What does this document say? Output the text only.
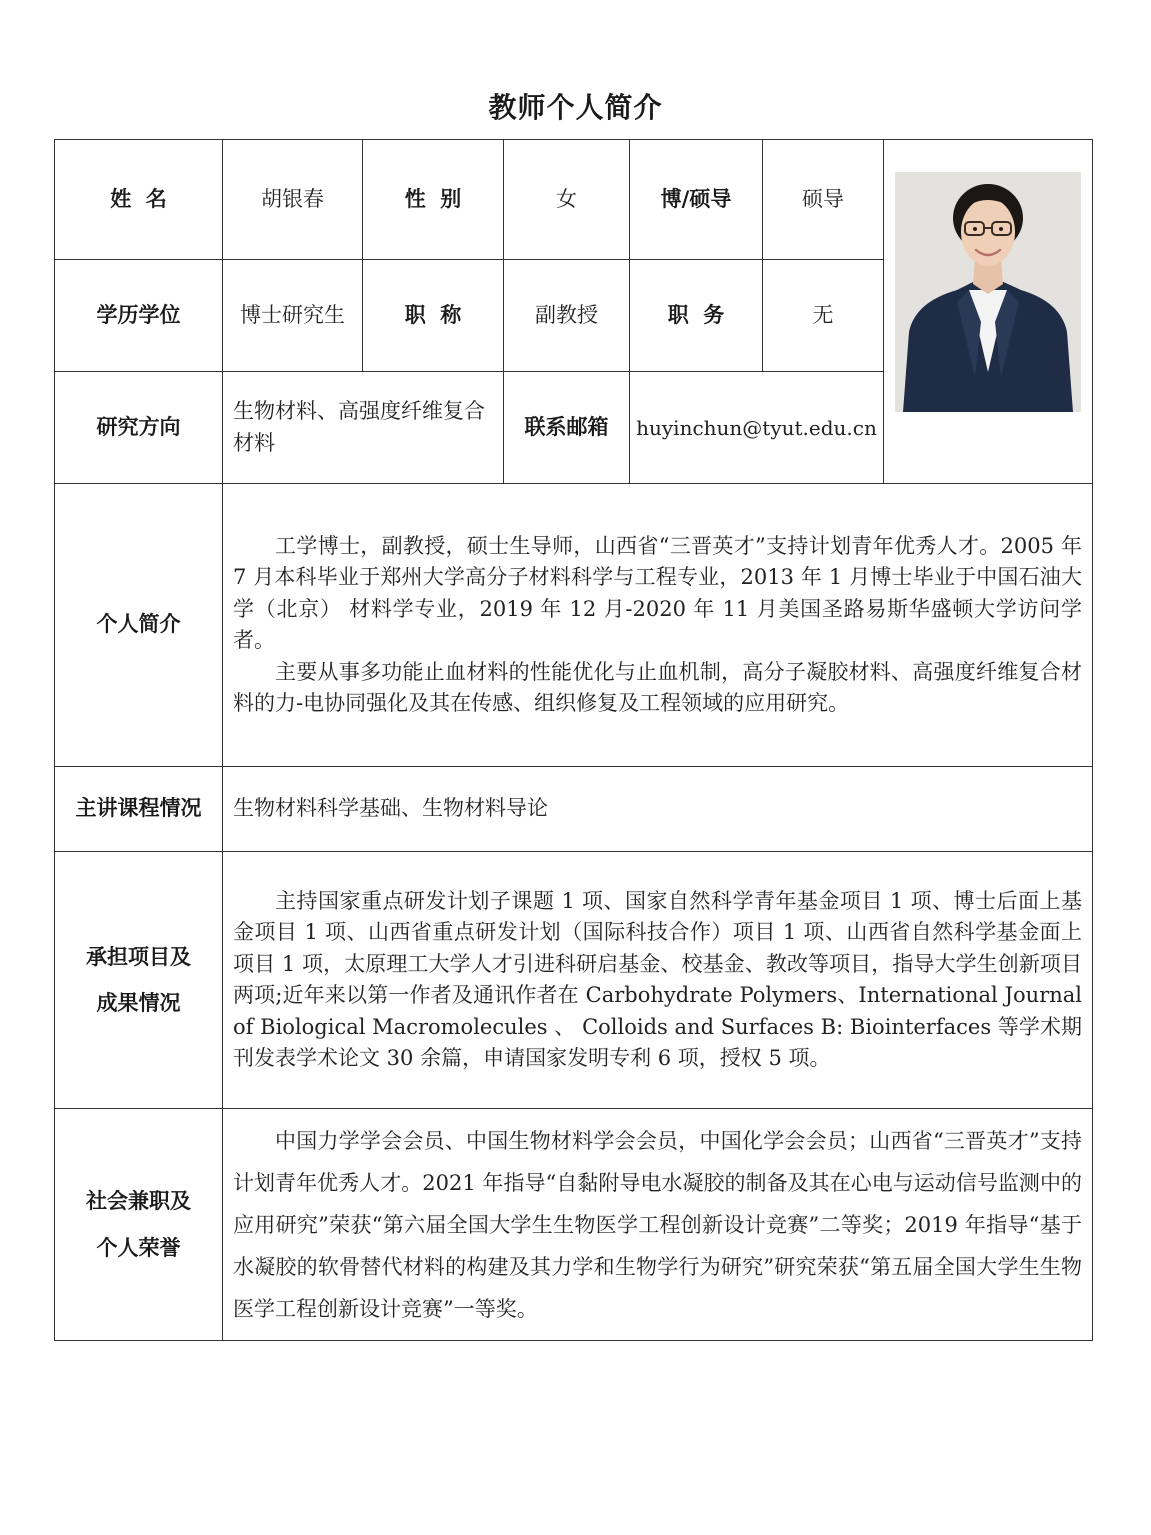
教师个人简介
姓  名	胡银春	性  别	女	博/硕导	硕导	

学历学位	博士研究生	职  称	副教授	职  务	无	
研究方向	生物材料、高强度纤维复合材料		联系邮箱	huyinchun@tyut.edu.cn		
个人简介	工学博士，副教授，硕士生导师，山西省“三晋英才”支持计划青年优秀人才。2005 年 7 月本科毕业于郑州大学高分子材料科学与工程专业，2013 年 1 月博士毕业于中国石油大学（北京） 材料学专业，2019 年 12 月-2020 年 11 月美国圣路易斯华盛顿大学访问学者。

主要从事多功能止血材料的性能优化与止血机制，高分子凝胶材料、高强度纤维复合材料的力-电协同强化及其在传感、组织修复及工程领域的应用研究。					

主讲课程情况	生物材料科学基础、生物材料导论					

承担项目及
成果情况	主持国家重点研发计划子课题 1 项、国家自然科学青年基金项目 1 项、博士后面上基金项目 1 项、山西省重点研发计划（国际科技合作）项目 1 项、山西省自然科学基金面上项目 1 项，太原理工大学人才引进科研启基金、校基金、教改等项目，指导大学生创新项目两项;近年来以第一作者及通讯作者在 Carbohydrate Polymers、International Journal of Biological Macromolecules 、 Colloids and Surfaces B: Biointerfaces 等学术期刊发表学术论文 30 余篇，申请国家发明专利 6 项，授权 5 项。					

社会兼职及
个人荣誉	中国力学学会会员、中国生物材料学会会员，中国化学会会员；山西省“三晋英才”支持计划青年优秀人才。2021 年指导“自黏附导电水凝胶的制备及其在心电与运动信号监测中的应用研究”荣获“第六届全国大学生生物医学工程创新设计竞赛”二等奖；2019 年指导“基于水凝胶的软骨替代材料的构建及其力学和生物学行为研究”研究荣获“第五届全国大学生生物医学工程创新设计竞赛”一等奖。					
